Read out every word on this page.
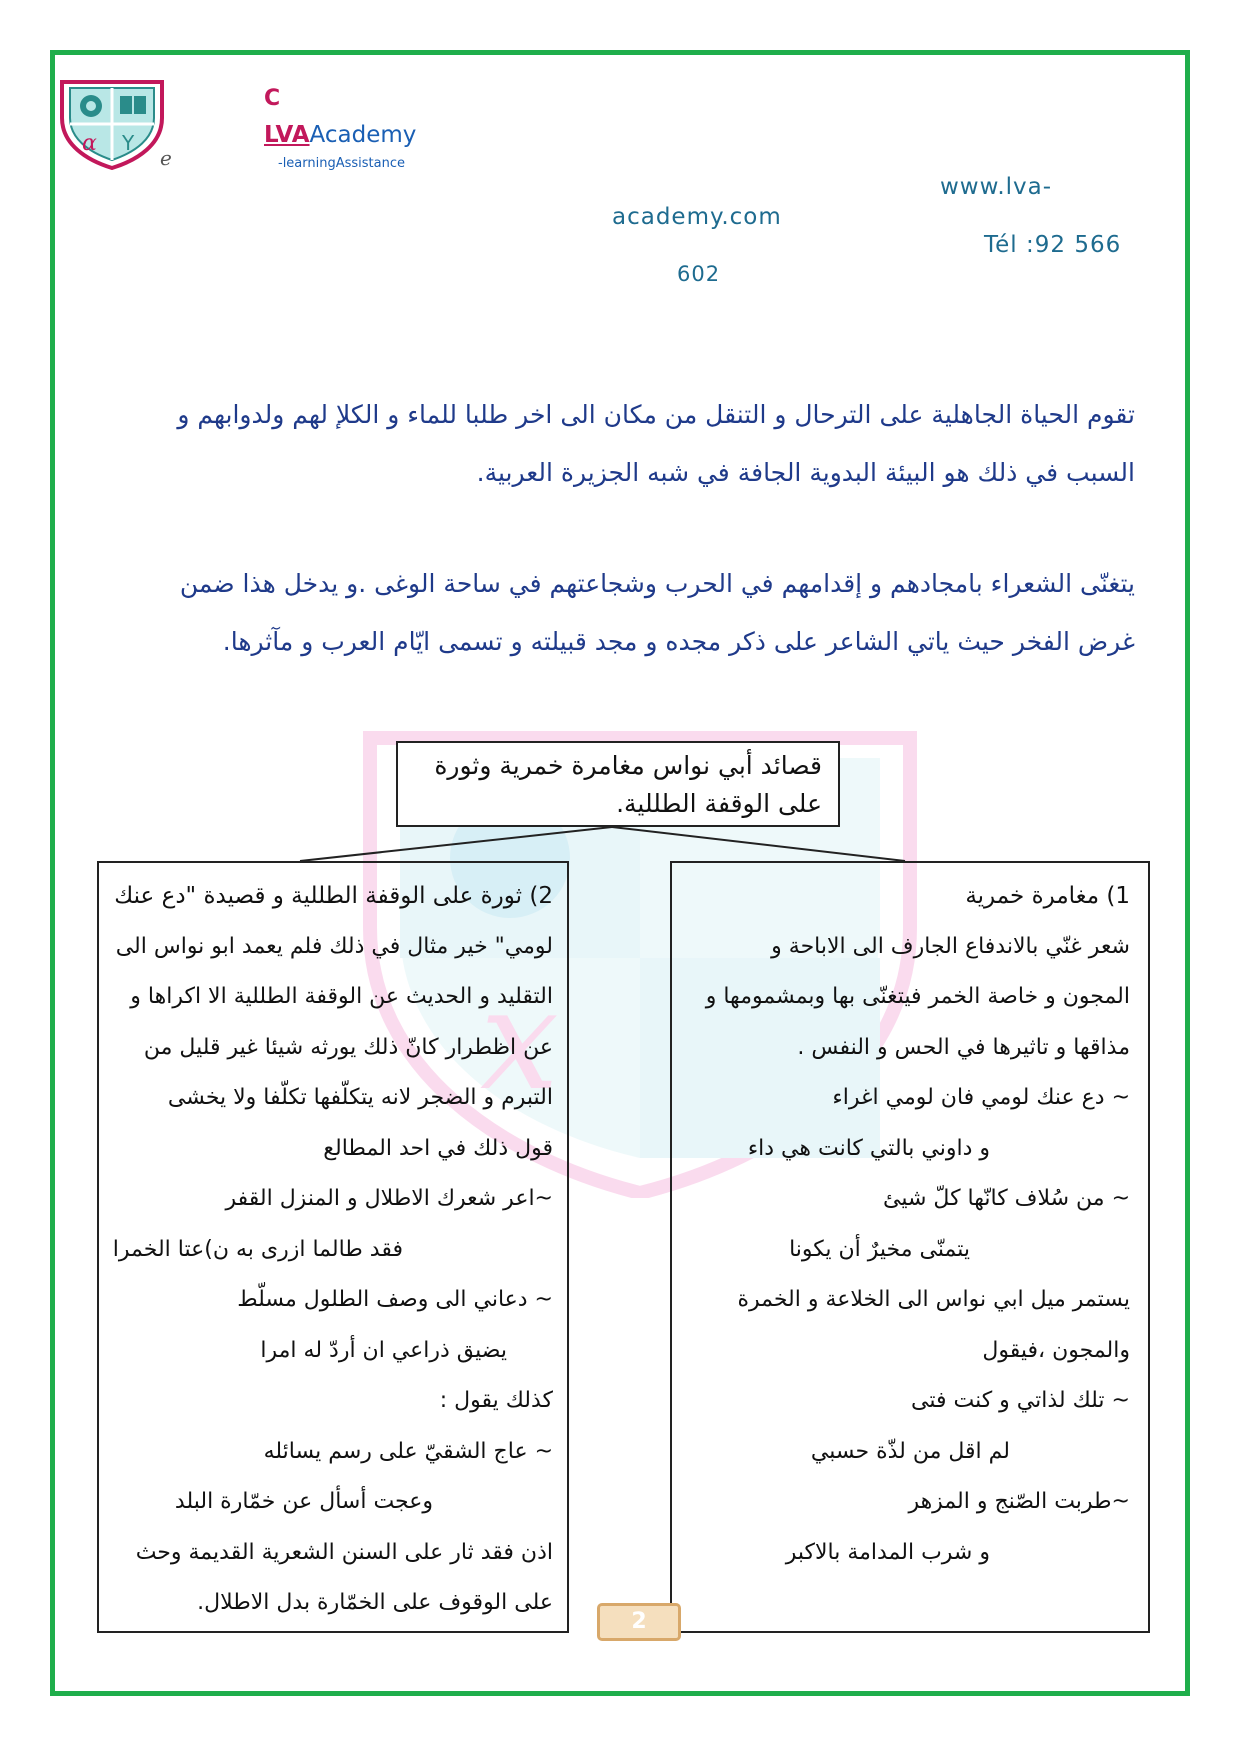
α Y
e
C
LVAAcademy
-learningAssistance
www.lva-
academy.com
Tél :92 566
602
تقوم الحياة الجاهلية على الترحال و التنقل من مكان الى اخر طلبا للماء و الكلإ لهم ولدوابهم و
السبب في ذلك هو البيئة البدوية الجافة في شبه الجزيرة العربية.
يتغنّى الشعراء بامجادهم و إقدامهم في الحرب وشجاعتهم في ساحة الوغى .و يدخل هذا ضمن
غرض الفخر حيث ياتي الشاعر على ذكر مجده و مجد قبيلته و تسمى ايّام العرب و مآثرها.
x
قصائد أبي نواس مغامرة خمرية وثورة
على الوقفة الطللية.
1) مغامرة خمرية
شعر غنّي بالاندفاع الجارف الى الاباحة و
المجون و خاصة الخمر فيتغنّى بها وبمشمومها و
مذاقها و تاثيرها في الحس و النفس .
~ دع عنك لومي فان لومي اغراء
و داوني بالتي كانت هي داء
~ من سُلاف كانّها كلّ شيئ
يتمنّى مخيرٌ أن يكونا
يستمر ميل ابي نواس الى الخلاعة و الخمرة
والمجون ،فيقول
~ تلك لذاتي و كنت فتى
لم اقل من لذّة حسبي
~طربت الصّنج و المزهر
و شرب المدامة بالاكبر
2) ثورة على الوقفة الطللية و قصيدة "دع عنك
لومي" خير مثال في ذلك فلم يعمد ابو نواس الى
التقليد و الحديث عن الوقفة الطللية الا اكراها و
عن اظطرار كانّ ذلك يورثه شيئا غير قليل من
التبرم و الضجر لانه يتكلّفها تكلّفا ولا يخشى
قول ذلك في احد المطالع
~اعر شعرك الاطلال و المنزل القفر
فقد طالما ازرى به ن)عتا الخمرا
~ دعاني الى وصف الطلول مسلّط
يضيق ذراعي ان أردّ له امرا
كذلك يقول :
~ عاج الشقيّ على رسم يسائله
وعجت أسأل عن خمّارة البلد
اذن فقد ثار على السنن الشعرية القديمة وحث
على الوقوف على الخمّارة بدل الاطلال.
2
